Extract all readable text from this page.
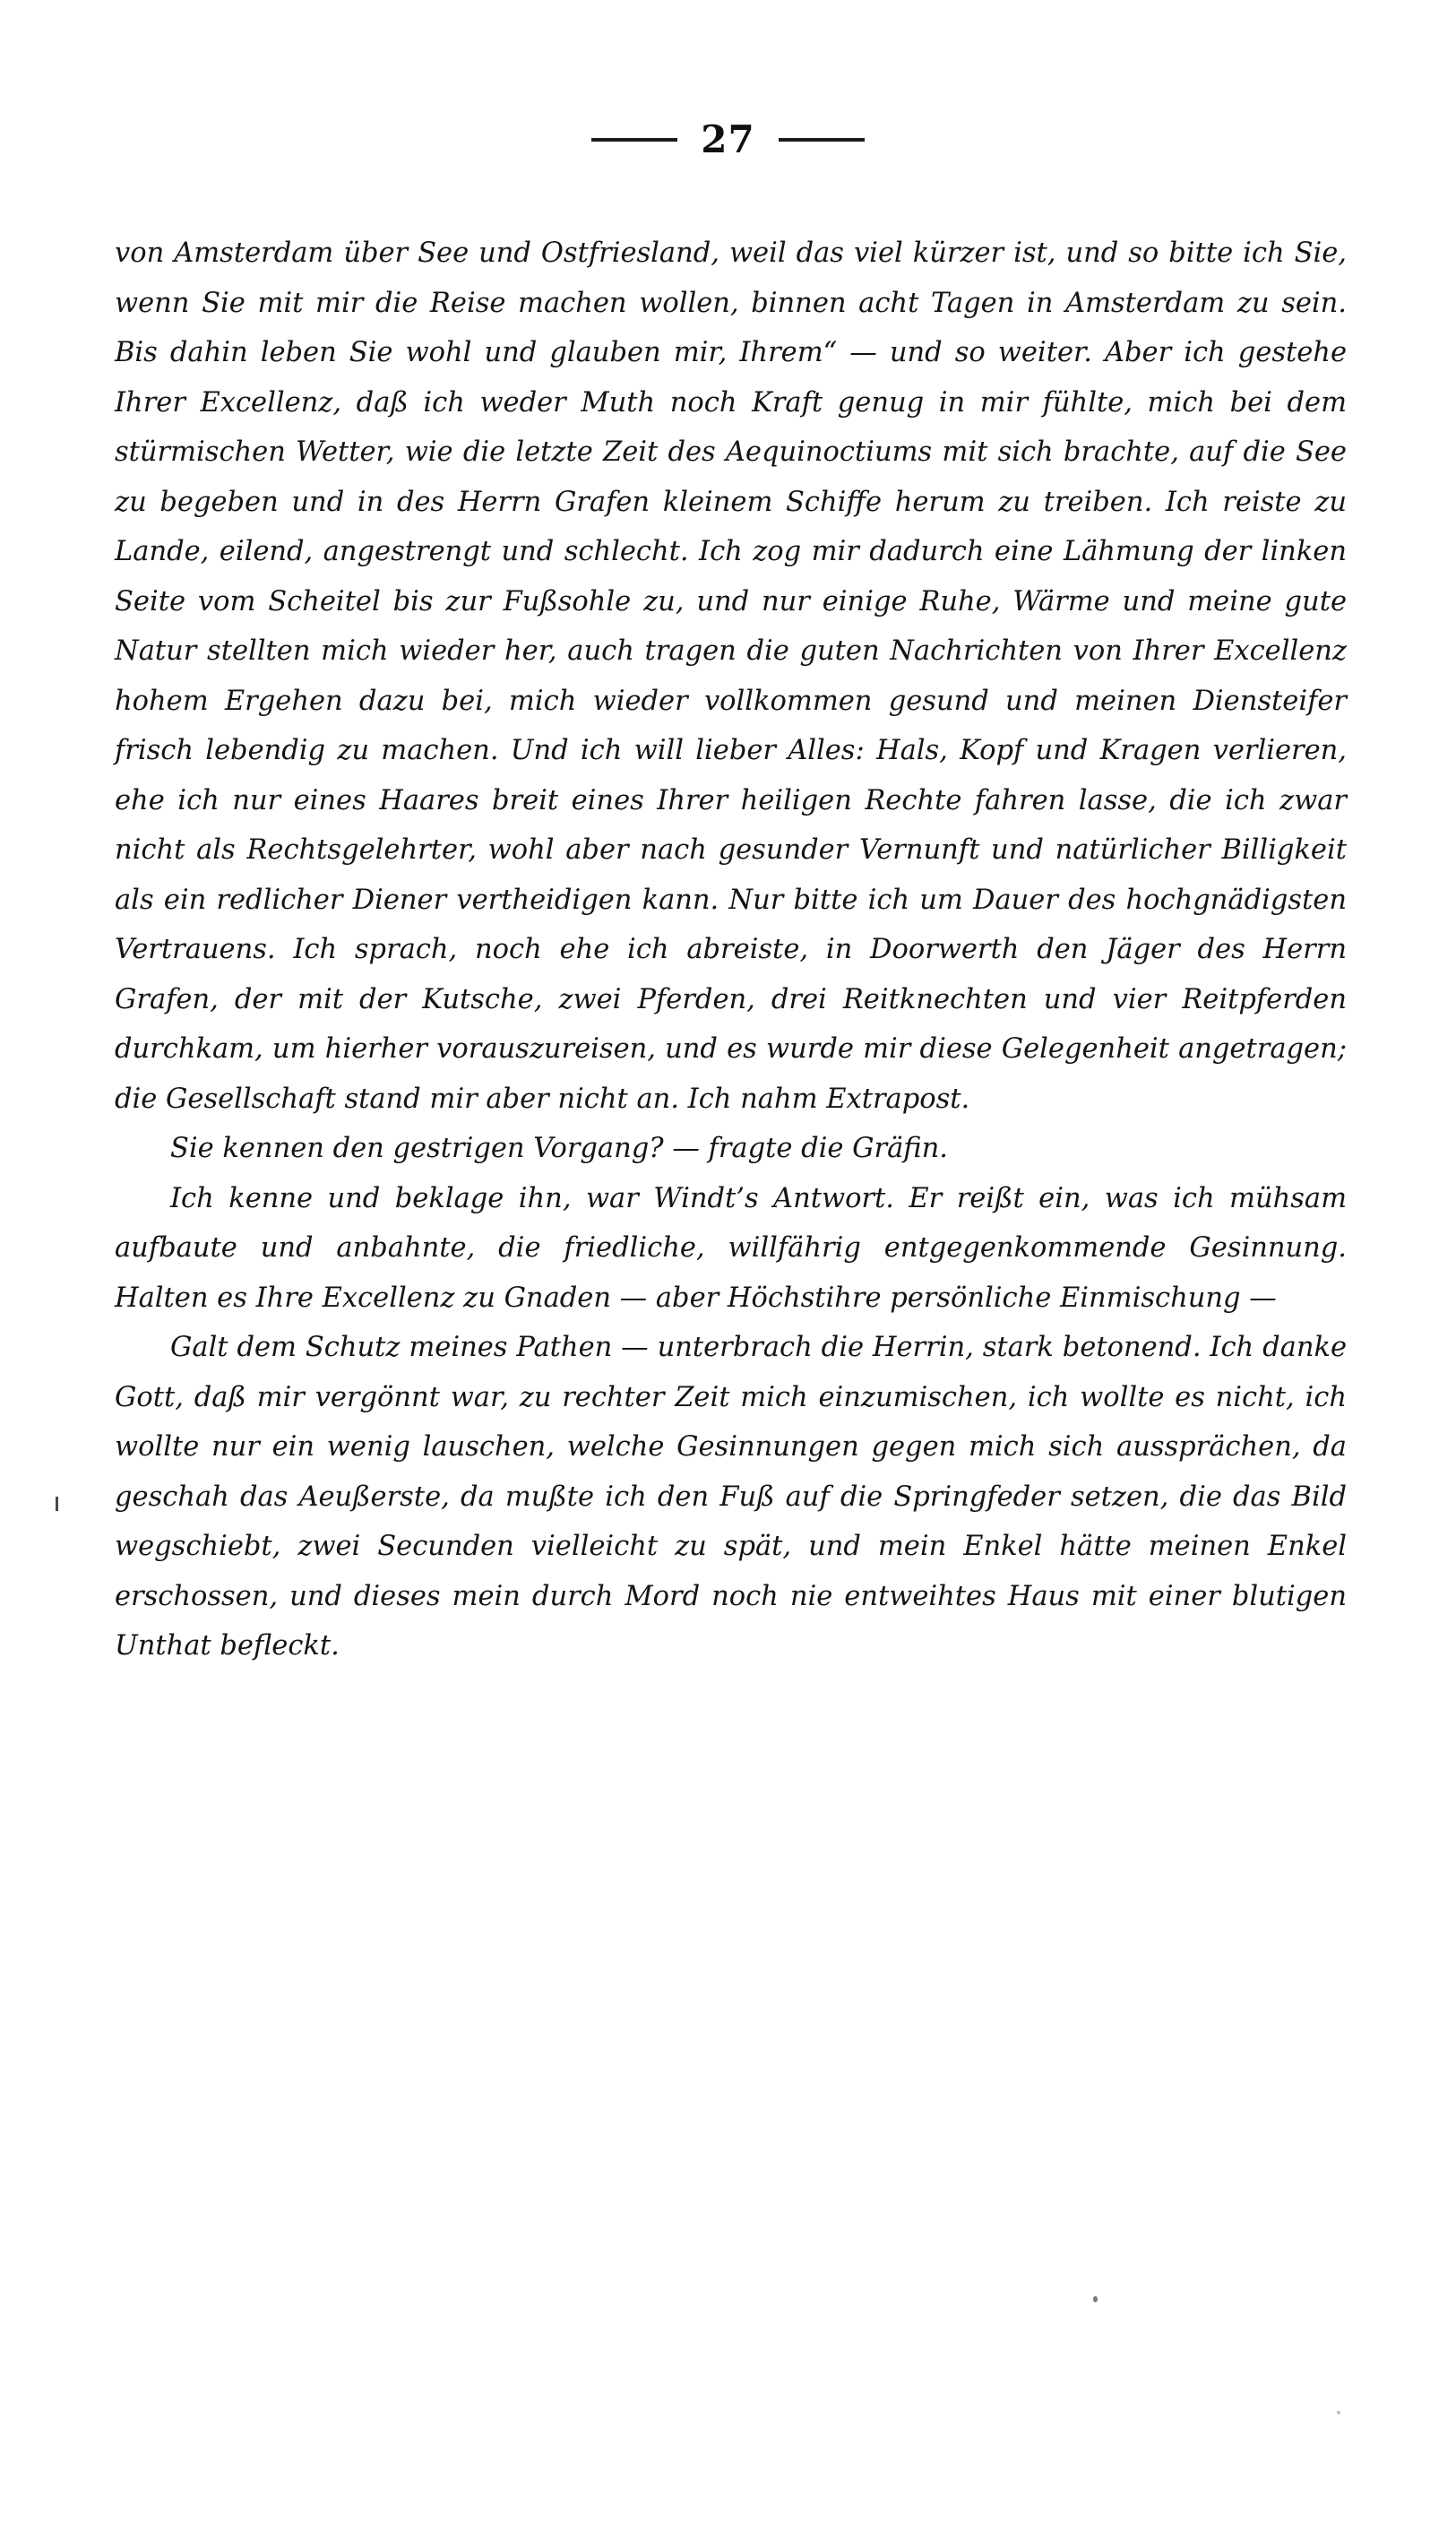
27

von Amsterdam über See und Ostfriesland, weil das viel kürzer ist, und so bitte ich Sie, wenn Sie mit mir die Reise machen wollen, binnen acht Tagen in Amsterdam zu sein. Bis dahin leben Sie wohl und glauben mir, Ihrem“ — und so weiter. Aber ich gestehe Ihrer Excellenz, daß ich weder Muth noch Kraft genug in mir fühlte, mich bei dem stürmischen Wetter, wie die letzte Zeit des Aequinoctiums mit sich brachte, auf die See zu begeben und in des Herrn Grafen kleinem Schiffe herum zu treiben. Ich reiste zu Lande, eilend, angestrengt und schlecht. Ich zog mir dadurch eine Lähmung der linken Seite vom Scheitel bis zur Fußsohle zu, und nur einige Ruhe, Wärme und meine gute Natur stellten mich wieder her, auch tragen die guten Nachrichten von Ihrer Excellenz hohem Ergehen dazu bei, mich wieder vollkommen gesund und meinen Diensteifer frisch lebendig zu machen. Und ich will lieber Alles: Hals, Kopf und Kragen verlieren, ehe ich nur eines Haares breit eines Ihrer heiligen Rechte fahren lasse, die ich zwar nicht als Rechtsgelehrter, wohl aber nach gesunder Vernunft und natürlicher Billigkeit als ein redlicher Diener vertheidigen kann. Nur bitte ich um Dauer des hochgnädigsten Vertrauens. Ich sprach, noch ehe ich abreiste, in Doorwerth den Jäger des Herrn Grafen, der mit der Kutsche, zwei Pferden, drei Reitknechten und vier Reitpferden durchkam, um hierher vorauszureisen, und es wurde mir diese Gelegenheit angetragen; die Gesellschaft stand mir aber nicht an. Ich nahm Extrapost.

Sie kennen den gestrigen Vorgang? — fragte die Gräfin.

Ich kenne und beklage ihn, war Windt’s Antwort. Er reißt ein, was ich mühsam aufbaute und anbahnte, die friedliche, willfährig entgegenkommende Gesinnung. Halten es Ihre Excellenz zu Gnaden — aber Höchstihre persönliche Einmischung —

Galt dem Schutz meines Pathen — unterbrach die Herrin, stark betonend. Ich danke Gott, daß mir vergönnt war, zu rechter Zeit mich einzumischen, ich wollte es nicht, ich wollte nur ein wenig lauschen, welche Gesinnungen gegen mich sich aussprächen, da geschah das Aeußerste, da mußte ich den Fuß auf die Springfeder setzen, die das Bild wegschiebt, zwei Secunden vielleicht zu spät, und mein Enkel hätte meinen Enkel erschossen, und dieses mein durch Mord noch nie entweihtes Haus mit einer blutigen Unthat befleckt.
